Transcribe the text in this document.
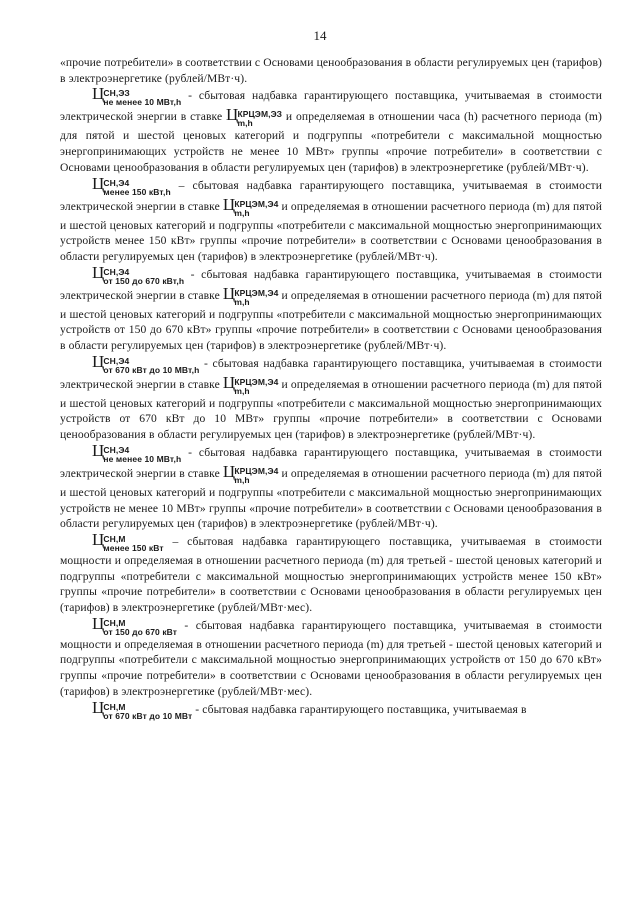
14

«прочие потребители» в соответствии с Основами ценообразования в области регулируемых цен (тарифов) в электроэнергетике (рублей/МВт·ч).

Ц СН,ЭЗ
не менее 10 МВт,h - сбытовая надбавка гарантирующего поставщика, учитываемая в стоимости электрической энергии в ставке Ц КРЦЭМ,ЭЗ
m,h	и определяемая в отношении часа (h) расчетного периода (m) для пятой и шестой ценовых категорий и подгруппы «потребители с максимальной мощностью энергопринимающих устройств не менее 10 МВт» группы «прочие потребители» в соответствии с Основами ценообразования в области регулируемых цен (тарифов) в электроэнергетике (рублей/МВт·ч).

Ц СН,Э4
менее 150 кВт,h – сбытовая надбавка гарантирующего поставщика, учитываемая в стоимости электрической энергии в ставке Ц КРЦЭМ,Э4
m,h	и определяемая в отношении расчетного периода (m) для пятой и шестой ценовых категорий и подгруппы «потребители с максимальной мощностью энергопринимающих устройств менее 150 кВт» группы «прочие потребители» в соответствии с Основами ценообразования в области регулируемых цен (тарифов) в электроэнергетике (рублей/МВт·ч).

Ц СН,Э4
от 150 до 670 кВт,h - сбытовая надбавка гарантирующего поставщика, учитываемая в стоимости электрической энергии в ставке Ц КРЦЭМ,Э4
m,h	и определяемая в отношении расчетного периода (m) для пятой и шестой ценовых категорий и подгруппы «потребители с максимальной мощностью энергопринимающих устройств от 150 до 670 кВт» группы «прочие потребители» в соответствии с Основами ценообразования в области регулируемых цен (тарифов) в электроэнергетике (рублей/МВт·ч).

Ц СН,Э4
от 670 кВт до 10 МВт,h - сбытовая надбавка гарантирующего поставщика, учитываемая в стоимости электрической энергии в ставке Ц КРЦЭМ,Э4
m,h	и определяемая в отношении расчетного периода (m) для пятой и шестой ценовых категорий и подгруппы «потребители с максимальной мощностью энергопринимающих устройств от 670 кВт до 10 МВт» группы «прочие потребители» в соответствии с Основами ценообразования в области регулируемых цен (тарифов) в электроэнергетике (рублей/МВт·ч).

Ц СН,Э4
не менее 10 МВт,h - сбытовая надбавка гарантирующего поставщика, учитываемая в стоимости электрической энергии в ставке Ц КРЦЭМ,Э4
m,h	и определяемая в отношении расчетного периода (m) для пятой и шестой ценовых категорий и подгруппы «потребители с максимальной мощностью энергопринимающих устройств не менее 10 МВт» группы «прочие потребители» в соответствии с Основами ценообразования в области регулируемых цен (тарифов) в электроэнергетике (рублей/МВт·ч).

Ц СН,М
менее 150 кВт – сбытовая надбавка гарантирующего поставщика, учитываемая в стоимости мощности и определяемая в отношении расчетного периода (m) для третьей - шестой ценовых категорий и подгруппы «потребители с максимальной мощностью энергопринимающих устройств менее 150 кВт» группы «прочие потребители» в соответствии с Основами ценообразования в области регулируемых цен (тарифов) в электроэнергетике (рублей/МВт·мес).

Ц СН,М
от 150 до 670 кВт - сбытовая надбавка гарантирующего поставщика, учитываемая в стоимости мощности и определяемая в отношении расчетного периода (m) для третьей - шестой ценовых категорий и подгруппы «потребители с максимальной мощностью энергопринимающих устройств от 150 до 670 кВт» группы «прочие потребители» в соответствии с Основами ценообразования в области регулируемых цен (тарифов) в электроэнергетике (рублей/МВт·мес).

Ц СН,М
от 670 кВт до 10 МВт - сбытовая надбавка гарантирующего поставщика, учитываемая в
